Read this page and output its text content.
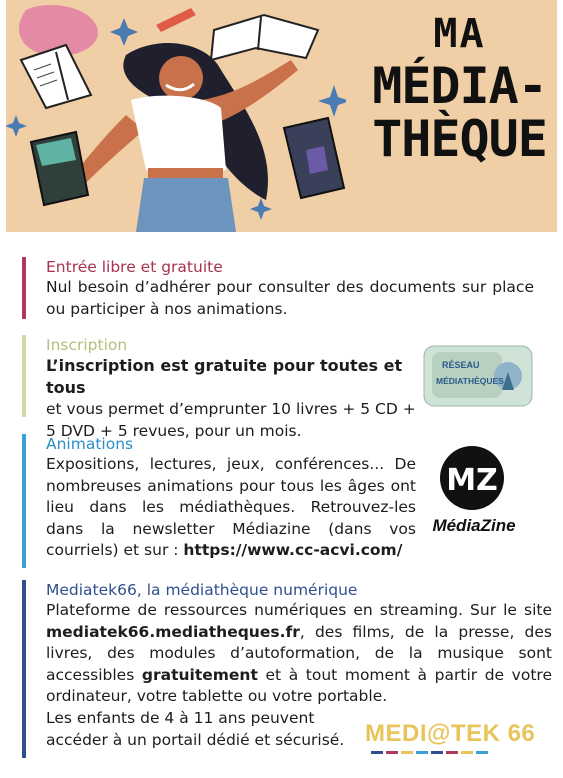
MA
MÉDIA-
THÈQUE
Entrée libre et gratuite
Nul besoin d’adhérer pour consulter des documents sur place ou participer à nos animations.
Inscription
L’inscription est gratuite pour toutes et tous
et vous permet d’emprunter 10 livres + 5 CD + 5 DVD + 5 revues, pour un mois.
RÉSEAU
MÉDIATHÈQUES
Animations
Expositions, lectures, jeux, conférences... De nombreuses animations pour tous les âges ont lieu dans les médiathèques. Retrouvez-les dans la newsletter Médiazine (dans vos courriels) et sur : https://www.cc-acvi.com/
MZ
MédiaZine
Mediatek66, la médiathèque numérique
Plateforme de ressources numériques en streaming. Sur le site mediatek66.mediatheques.fr, des films, de la presse, des livres, des modules d’autoformation, de la musique sont accessibles gratuitement et à tout moment à partir de votre ordinateur, votre tablette ou votre portable.
Les enfants de 4 à 11 ans peuvent accéder à un portail dédié et sécurisé. MEDI@TEK 66
